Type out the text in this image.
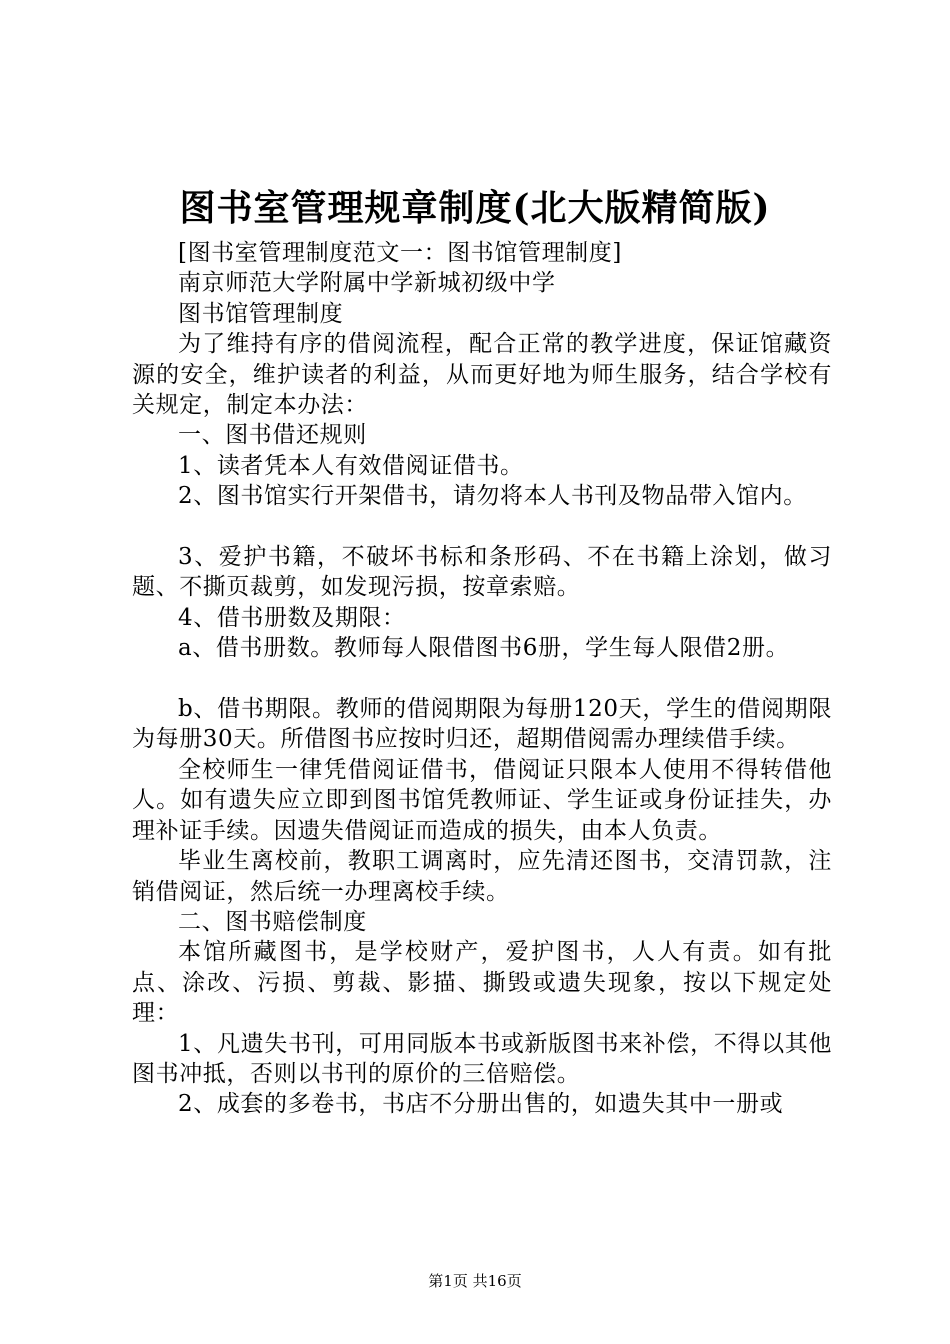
图书室管理规章制度(北大版精简版)

[图书室管理制度范文一：图书馆管理制度]

南京师范大学附属中学新城初级中学

图书馆管理制度

为了维持有序的借阅流程，配合正常的教学进度，保证馆藏资源的安全，维护读者的利益，从而更好地为师生服务，结合学校有关规定，制定本办法：

一、图书借还规则

1、读者凭本人有效借阅证借书。

2、图书馆实行开架借书，请勿将本人书刊及物品带入馆内。

3、爱护书籍，不破坏书标和条形码、不在书籍上涂划，做习题、不撕页裁剪，如发现污损，按章索赔。

4、借书册数及期限：

a、借书册数。教师每人限借图书6册，学生每人限借2册。

b、借书期限。教师的借阅期限为每册120天，学生的借阅期限为每册30天。所借图书应按时归还，超期借阅需办理续借手续。

全校师生一律凭借阅证借书，借阅证只限本人使用不得转借他人。如有遗失应立即到图书馆凭教师证、学生证或身份证挂失，办理补证手续。因遗失借阅证而造成的损失，由本人负责。

毕业生离校前，教职工调离时，应先清还图书，交清罚款，注销借阅证，然后统一办理离校手续。

二、图书赔偿制度

本馆所藏图书，是学校财产，爱护图书，人人有责。如有批点、涂改、污损、剪裁、影描、撕毁或遗失现象，按以下规定处理：

1、凡遗失书刊，可用同版本书或新版图书来补偿，不得以其他图书冲抵，否则以书刊的原价的三倍赔偿。

2、成套的多卷书，书店不分册出售的，如遗失其中一册或

第1页 共16页
